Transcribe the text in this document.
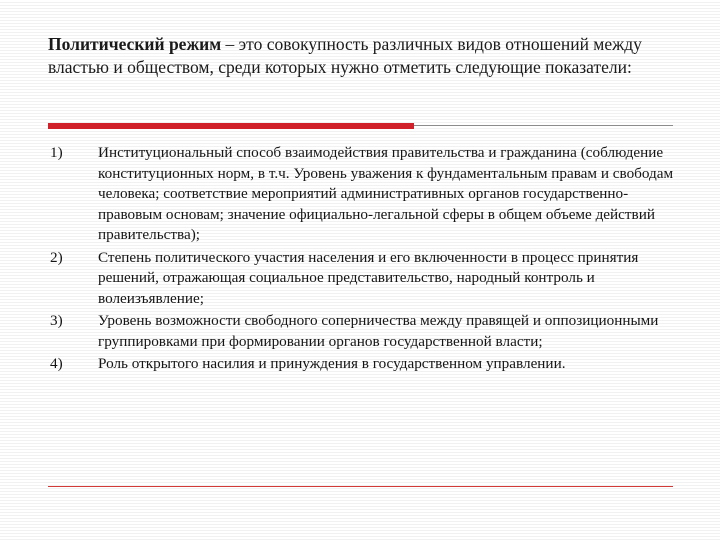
Политический режим – это совокупность различных видов отношений между властью и обществом, среди которых нужно отметить следующие показатели:
1)	Институциональный способ взаимодействия правительства и гражданина (соблюдение конституционных норм, в т.ч. Уровень уважения к фундаментальным правам и свободам человека; соответствие мероприятий административных органов государственно-правовым основам; значение официально-легальной сферы в общем объеме действий правительства);
2)	Степень политического участия населения и его включенности в процесс принятия решений, отражающая социальное представительство, народный контроль и волеизъявление;
3)	Уровень возможности свободного соперничества между правящей и оппозиционными группировками при формировании органов государственной власти;
4)	Роль открытого насилия и принуждения в государственном управлении.
